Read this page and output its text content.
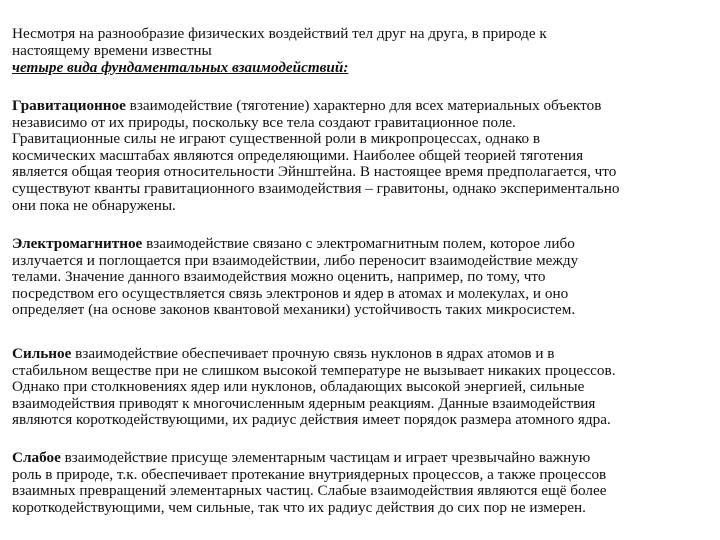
Несмотря на разнообразие физических воздействий тел друг на друга, в природе к
настоящему времени известны
четыре вида фундаментальных взаимодействий:
Гравитационное взаимодействие (тяготение) характерно для всех материальных объектов
независимо от их природы, поскольку все тела создают гравитационное поле.
Гравитационные силы не играют существенной роли в микропроцессах, однако в
космических масштабах являются определяющими. Наиболее общей теорией тяготения
является общая теория относительности Эйнштейна. В настоящее время предполагается, что
существуют кванты гравитационного взаимодействия – гравитоны, однако экспериментально
они пока не обнаружены.
Электромагнитное взаимодействие связано с электромагнитным полем, которое либо
излучается и поглощается при взаимодействии, либо переносит взаимодействие между
телами. Значение данного взаимодействия можно оценить, например, по тому, что
посредством его осуществляется связь электронов и ядер в атомах и молекулах, и оно
определяет (на основе законов квантовой механики) устойчивость таких микросистем.
Сильное взаимодействие обеспечивает прочную связь нуклонов в ядрах атомов и в
стабильном веществе при не слишком высокой температуре не вызывает никаких процессов.
Однако при столкновениях ядер или нуклонов, обладающих высокой энергией, сильные
взаимодействия приводят к многочисленным ядерным реакциям. Данные взаимодействия
являются короткодействующими, их радиус действия имеет порядок размера атомного ядра.
Слабое взаимодействие присуще элементарным частицам и играет чрезвычайно важную
роль в природе, т.к. обеспечивает протекание внутриядерных процессов, а также процессов
взаимных превращений элементарных частиц. Слабые взаимодействия являются ещё более
короткодействующими, чем сильные, так что их радиус действия до сих пор не измерен.
